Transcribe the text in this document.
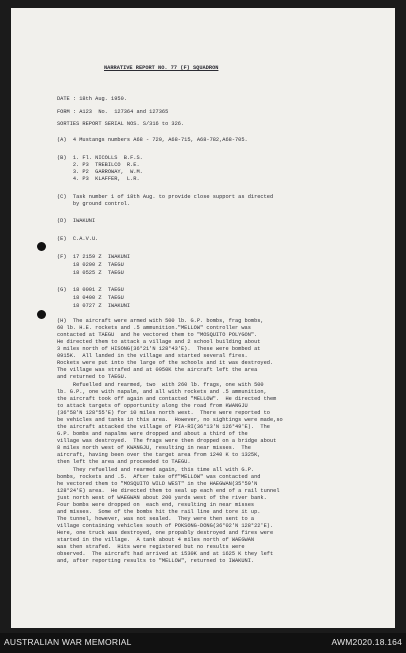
NARRATIVE REPORT NO. 77 (F) SQUADRON
DATE : 18th Aug. 1950.
FORM : A123  No.  127364 and 127365
SORTIES REPORT SERIAL NOS. S/316 to 326.
(A)  4 Mustangs numbers A68 - 720, A68-715, A68-782,A68-705.
(B)  1. Fl. NICOLLS  B.F.S.
2. P3  TREBILCO  R.E.
3. P2  GARROWAY,  W.M.
4. P3  KLAFFER,  L.R.
(C)  Task number 1 of 18th Aug. to provide close support as directed
by ground control.
(D)  IWAKUNI
(E)  C.A.V.U.
(F)  17 2159 Z  IWAKUNI
18 0200 Z  TAEGU
18 0525 Z  TAEGU
(G)  18 0001 Z  TAEGU
18 0400 Z  TAEGU
18 0727 Z  IWAKUNI
(H)  The aircraft were armed with 500 lb. G.P. bombs, frag bombs,
60 lb. H.E. rockets and .5 ammunition."MELLOW" controller was
contacted at TAEGU  and he vectored them to "MOSQUITO POLYGON".
He directed them to attack a village and 2 school building about
3 miles north of HISONG(36°21'N 128°43'E).  These were bombed at
0915K.  All landed in the village and started several fires.
Rockets were put into the large of the schools and it was destroyed.
The village was strafed and at 0950K the aircraft left the area
and returned to TAEGU.
Refuelled and rearmed, two  with 260 lb. frags, one with 500
lb. G.P., one with napalm, and all with rockets and .5 ammunition,
the aircraft took off again and contacted "MELLOW".  He directed them
to attack targets of opportunity along the road from KWANGJU
(36°58'N 128°55'E) for 10 miles north west.  There were reported to
be vehicles and tanks in this area.  However, no sightings were made,so
the aircraft attacked the village of PIA-RI(36°13'N 126°49'E).  The
G.P. bombs and napalms were dropped and about a third of the
village was destroyed.  The frags were then dropped on a bridge about
8 miles north west of KWANGJU, resulting in near misses.  The
aircraft, having been over the target area from 1240 K to 1325K,
then left the area and proceeded to TAEGU.
They refuelled and rearmed again, this time all with G.P.
bombs, rockets and .5.  After take off"MELLOW" was contacted and
he vectored them to "MOSQUITO WILD WEST" in the HAEGWAN(35°59'N
128°24'E) area.  He directed them to seal up each end of a rail tunnel
just north west of WAEGWAN about 200 yards west of the river bank.
Four bombs were dropped on  each end, resulting in near misses
and misses.  Some of the bombs hit the rail line and tore it up.
The tunnel, however, was not sealed.  They were then sent to a
village containing vehicles south of POKSONG-DONG(36°02'N 128°22'E).
Here, one truck was destroyed, one propably destroyed and fires were
started in the village.  A tank about 4 miles north of WAEGWAN
was then strafed.  Hits were registered but no results were
observed.  The aircraft had arrived at 1530K and at 1625 K they left
and, after reporting results to "MELLOW", returned to IWAKUNI.
AUSTRALIAN WAR MEMORIAL	AWM2020.18.164
